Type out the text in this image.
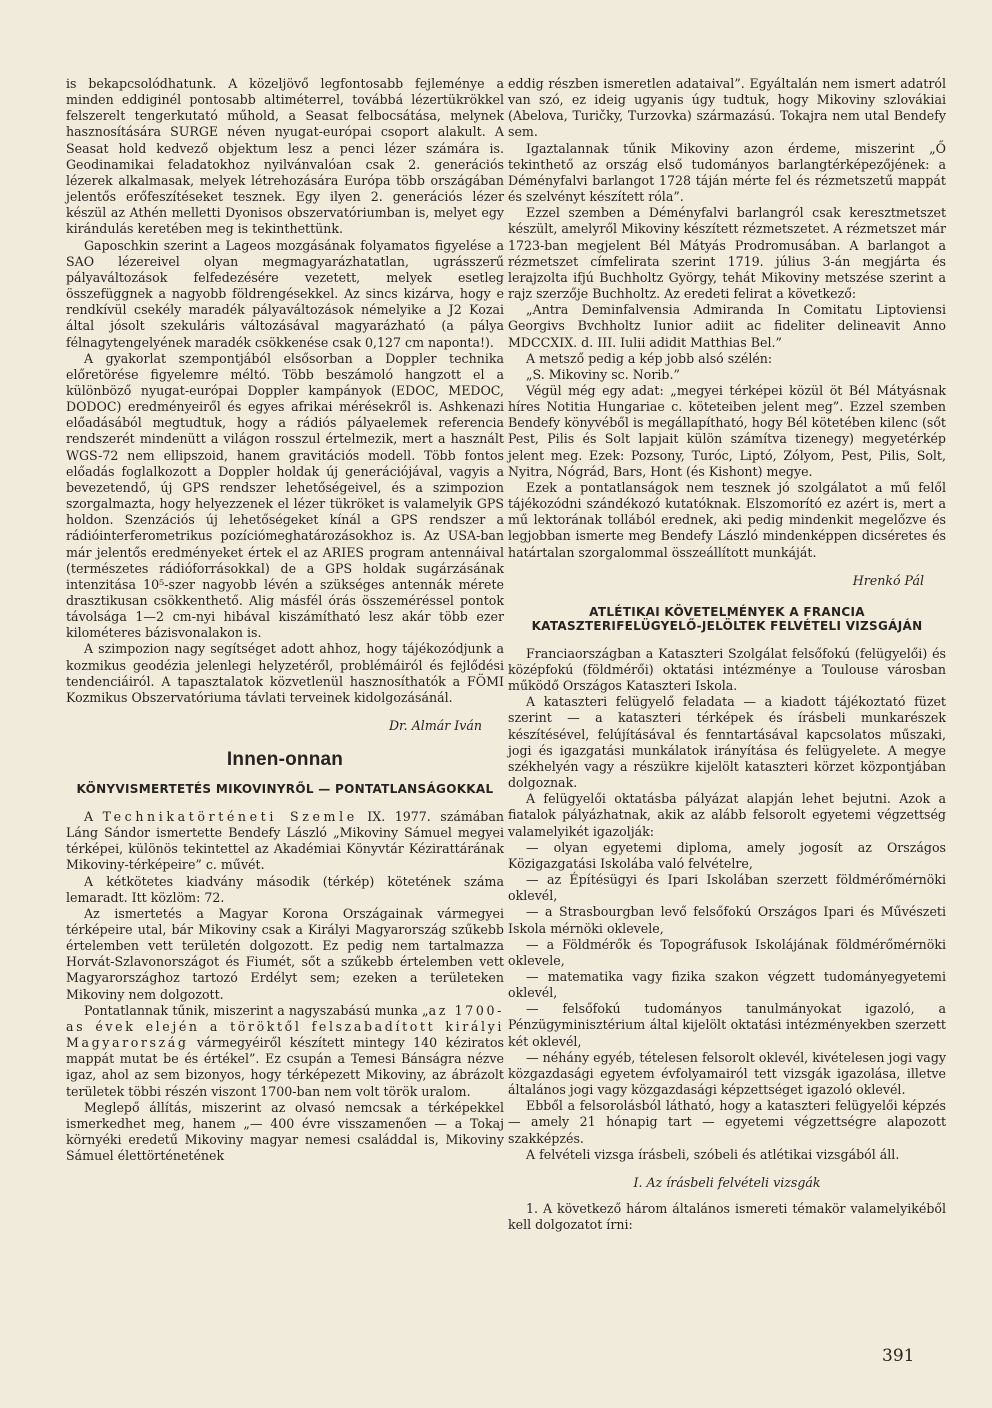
is bekapcsolódhatunk. A közeljövő legfontosabb fejleménye a minden eddiginél pontosabb altiméterrel, továbbá lézertükrökkel felszerelt tengerkutató műhold, a Seasat felbocsátása, melynek hasznosítására SURGE néven nyugat-európai csoport alakult. A Seasat hold kedvező objektum lesz a penci lézer számára is. Geodinamikai feladatokhoz nyilvánvalóan csak 2. generációs lézerek alkalmasak, melyek létrehozására Európa több országában jelentős erőfeszítéseket tesznek. Egy ilyen 2. generációs lézer készül az Athén melletti Dyonisos obszervatóriumban is, melyet egy kirándulás keretében meg is tekinthettünk.

Gaposchkin szerint a Lageos mozgásának folyamatos figyelése a SAO lézereivel olyan megmagyarázhatatlan, ugrásszerű pályaváltozások felfedezésére vezetett, melyek esetleg összefüggnek a nagyobb földrengésekkel. Az sincs kizárva, hogy e rendkívül csekély maradék pályaváltozások némelyike a J2 Kozai által jósolt szekuláris változásával magyarázható (a pálya félnagytengelyének maradék csökkenése csak 0,127 cm naponta!).

A gyakorlat szempontjából elsősorban a Doppler technika előretörése figyelemre méltó. Több beszámoló hangzott el a különböző nyugat-európai Doppler kampányok (EDOC, MEDOC, DODOC) eredményeiről és egyes afrikai mérésekről is. Ashkenazi előadásából megtudtuk, hogy a rádiós pályaelemek referencia rendszerét mindenütt a világon rosszul értelmezik, mert a használt WGS-72 nem ellipszoid, hanem gravitációs modell. Több fontos előadás foglalkozott a Doppler holdak új generációjával, vagyis a bevezetendő, új GPS rendszer lehetőségeivel, és a szimpozion szorgalmazta, hogy helyezzenek el lézer tükröket is valamelyik GPS holdon. Szenzációs új lehetőségeket kínál a GPS rendszer a rádióinterferometrikus pozíciómeghatározásokhoz is. Az USA-ban már jelentős eredményeket értek el az ARIES program antennáival (természetes rádióforrásokkal) de a GPS holdak sugárzásának intenzitása 10⁵-szer nagyobb lévén a szükséges antennák mérete drasztikusan csökkenthető. Alig másfél órás összeméréssel pontok távolsága 1—2 cm-nyi hibával kiszámítható lesz akár több ezer kilométeres bázisvonalakon is.

A szimpozion nagy segítséget adott ahhoz, hogy tájékozódjunk a kozmikus geodézia jelenlegi helyzetéről, problémáiról és fejlődési tendenciáiról. A tapasztalatok közvetlenül hasznosíthatók a FÖMI Kozmikus Obszervatóriuma távlati terveinek kidolgozásánál.

Dr. Almár Iván
Innen-onnan
KÖNYVISMERTETÉS MIKOVINYRŐL — PONTATLANSÁGOKKAL

A Technikatörténeti Szemle IX. 1977. számában Láng Sándor ismertette Bendefy László „Mikoviny Sámuel megyei térképei, különös tekintettel az Akadémiai Könyvtár Kézirattárának Mikoviny-térképeire” c. művét.

A kétkötetes kiadvány második (térkép) kötetének száma lemaradt. Itt közlöm: 72.

Az ismertetés a Magyar Korona Országainak vármegyei térképeire utal, bár Mikoviny csak a Királyi Magyarország szűkebb értelemben vett területén dolgozott. Ez pedig nem tartalmazza Horvát-Szlavonországot és Fiumét, sőt a szűkebb értelemben vett Magyarországhoz tartozó Erdélyt sem; ezeken a területeken Mikoviny nem dolgozott.

Pontatlannak tűnik, miszerint a nagyszabású munka „az 1700-as évek elején a töröktől felszabadított királyi Magyarország vármegyéiről készített mintegy 140 kéziratos mappát mutat be és értékel”. Ez csupán a Temesi Bánságra nézve igaz, ahol az sem bizonyos, hogy térképezett Mikoviny, az ábrázolt területek többi részén viszont 1700-ban nem volt török uralom.

Meglepő állítás, miszerint az olvasó nemcsak a térképekkel ismerkedhet meg, hanem „— 400 évre visszamenően — a Tokaj környéki eredetű Mikoviny magyar nemesi családdal is, Mikoviny Sámuel élettörténetének

eddig részben ismeretlen adataival”. Egyáltalán nem ismert adatról van szó, ez ideig ugyanis úgy tudtuk, hogy Mikoviny szlovákiai (Abelova, Turičky, Turzovka) származású. Tokajra nem utal Bendefy sem.

Igaztalannak tűnik Mikoviny azon érdeme, miszerint „Ő tekinthető az ország első tudományos barlangtérképezőjének: a Déményfalvi barlangot 1728 táján mérte fel és rézmetszetű mappát és szelvényt készített róla”.

Ezzel szemben a Déményfalvi barlangról csak keresztmetszet készült, amelyről Mikoviny készített rézmetszetet. A rézmetszet már 1723-ban megjelent Bél Mátyás Prodromusában. A barlangot a rézmetszet címfelirata szerint 1719. július 3-án megjárta és lerajzolta ifjú Buchholtz György, tehát Mikoviny metszése szerint a rajz szerzője Buchholtz. Az eredeti felirat a következő:

„Antra Deminfalvensia Admiranda In Comitatu Liptoviensi Georgivs Bvchholtz Iunior adiit ac fideliter delineavit Anno MDCCXIX. d. III. Iulii adidit Matthias Bel.”

A metsző pedig a kép jobb alsó szélén:

„S. Mikoviny sc. Norib.”

Végül még egy adat: „megyei térképei közül öt Bél Mátyásnak híres Notitia Hungariae c. köteteiben jelent meg”. Ezzel szemben Bendefy könyvéből is megállapítható, hogy Bél kötetében kilenc (sőt Pest, Pilis és Solt lapjait külön számítva tizenegy) megyetérkép jelent meg. Ezek: Pozsony, Turóc, Liptó, Zólyom, Pest, Pilis, Solt, Nyitra, Nógrád, Bars, Hont (és Kishont) megye.

Ezek a pontatlanságok nem tesznek jó szolgálatot a mű felől tájékozódni szándékozó kutatóknak. Elszomorító ez azért is, mert a mű lektorának tollából erednek, aki pedig mindenkit megelőzve és legjobban ismerte meg Bendefy László mindenképpen dicséretes és határtalan szorgalommal összeállított munkáját.

Hrenkó Pál
ATLÉTIKAI KÖVETELMÉNYEK A FRANCIA KATASZTERIFELÜGYELŐ-JELÖLTEK FELVÉTELI VIZSGÁJÁN

Franciaországban a Kataszteri Szolgálat felsőfokú (felügyelői) és középfokú (földmérői) oktatási intézménye a Toulouse városban működő Országos Kataszteri Iskola.

A kataszteri felügyelő feladata — a kiadott tájékoztató füzet szerint — a kataszteri térképek és írásbeli munkarészek készítésével, felújításával és fenntartásával kapcsolatos műszaki, jogi és igazgatási munkálatok irányítása és felügyelete. A megye székhelyén vagy a részükre kijelölt kataszteri körzet központjában dolgoznak.

A felügyelői oktatásba pályázat alapján lehet bejutni. Azok a fiatalok pályázhatnak, akik az alább felsorolt egyetemi végzettség valamelyikét igazolják:

— olyan egyetemi diploma, amely jogosít az Országos Közigazgatási Iskolába való felvételre,

— az Építésügyi és Ipari Iskolában szerzett földmérőmérnöki oklevél,

— a Strasbourgban levő felsőfokú Országos Ipari és Művészeti Iskola mérnöki oklevele,

— a Földmérők és Topográfusok Iskolájának földmérőmérnöki oklevele,

— matematika vagy fizika szakon végzett tudományegyetemi oklevél,

— felsőfokú tudományos tanulmányokat igazoló, a Pénzügyminisztérium által kijelölt oktatási intézményekben szerzett két oklevél,

— néhány egyéb, tételesen felsorolt oklevél, kivételesen jogi vagy közgazdasági egyetem évfolyamairól tett vizsgák igazolása, illetve általános jogi vagy közgazdasági képzettséget igazoló oklevél.

Ebből a felsorolásból látható, hogy a kataszteri felügyelői képzés — amely 21 hónapig tart — egyetemi végzettségre alapozott szakképzés.

A felvételi vizsga írásbeli, szóbeli és atlétikai vizsgából áll.

I. Az írásbeli felvételi vizsgák

1. A következő három általános ismereti témakör valamelyikéből kell dolgozatot írni:

391
